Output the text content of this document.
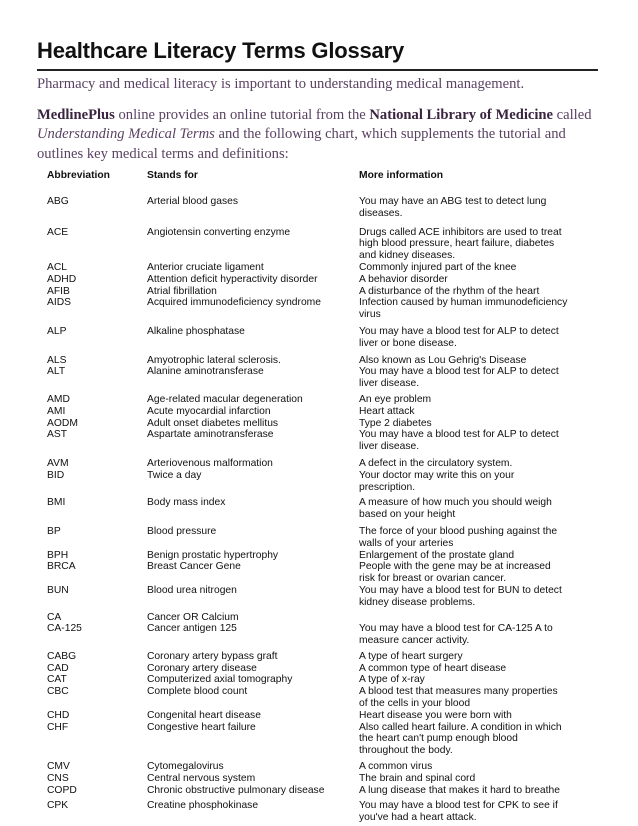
Healthcare Literacy Terms Glossary

Pharmacy and medical literacy is important to understanding medical management.

MedlinePlus online provides an online tutorial from the National Library of Medicine called Understanding Medical Terms and the following chart, which supplements the tutorial and outlines key medical terms and definitions:

Abbreviation	Stands for	More information
ABG	Arterial blood gases	You may have an ABG test to detect lung diseases.
ACE	Angiotensin converting enzyme	Drugs called ACE inhibitors are used to treat high blood pressure, heart failure, diabetes and kidney diseases.
ACL	Anterior cruciate ligament	Commonly injured part of the knee
ADHD	Attention deficit hyperactivity disorder	A behavior disorder
AFIB	Atrial fibrillation	A disturbance of the rhythm of the heart
AIDS	Acquired immunodeficiency syndrome	Infection caused by human immunodeficiency virus
ALP	Alkaline phosphatase	You may have a blood test for ALP to detect liver or bone disease.
ALS	Amyotrophic lateral sclerosis.	Also known as Lou Gehrig's Disease
ALT	Alanine aminotransferase	You may have a blood test for ALP to detect liver disease.
AMD	Age-related macular degeneration	An eye problem
AMI	Acute myocardial infarction	Heart attack
AODM	Adult onset diabetes mellitus	Type 2 diabetes
AST	Aspartate aminotransferase	You may have a blood test for ALP to detect liver disease.
AVM	Arteriovenous malformation	A defect in the circulatory system.
BID	Twice a day	Your doctor may write this on your prescription.
BMI	Body mass index	A measure of how much you should weigh based on your height
BP	Blood pressure	The force of your blood pushing against the walls of your arteries
BPH	Benign prostatic hypertrophy	Enlargement of the prostate gland
BRCA	Breast Cancer Gene	People with the gene may be at increased risk for breast or ovarian cancer.
BUN	Blood urea nitrogen	You may have a blood test for BUN to detect kidney disease problems.
CA	Cancer OR Calcium
CA-125	Cancer antigen 125	You may have a blood test for CA-125 A to measure cancer activity.
CABG	Coronary artery bypass graft	A type of heart surgery
CAD	Coronary artery disease	A common type of heart disease
CAT	Computerized axial tomography	A type of x-ray
CBC	Complete blood count	A blood test that measures many properties of the cells in your blood
CHD	Congenital heart disease	Heart disease you were born with
CHF	Congestive heart failure	Also called heart failure. A condition in which the heart can't pump enough blood throughout the body.
CMV	Cytomegalovirus	A common virus
CNS	Central nervous system	The brain and spinal cord
COPD	Chronic obstructive pulmonary disease	A lung disease that makes it hard to breathe
CPK	Creatine phosphokinase	You may have a blood test for CPK to see if you've had a heart attack.
